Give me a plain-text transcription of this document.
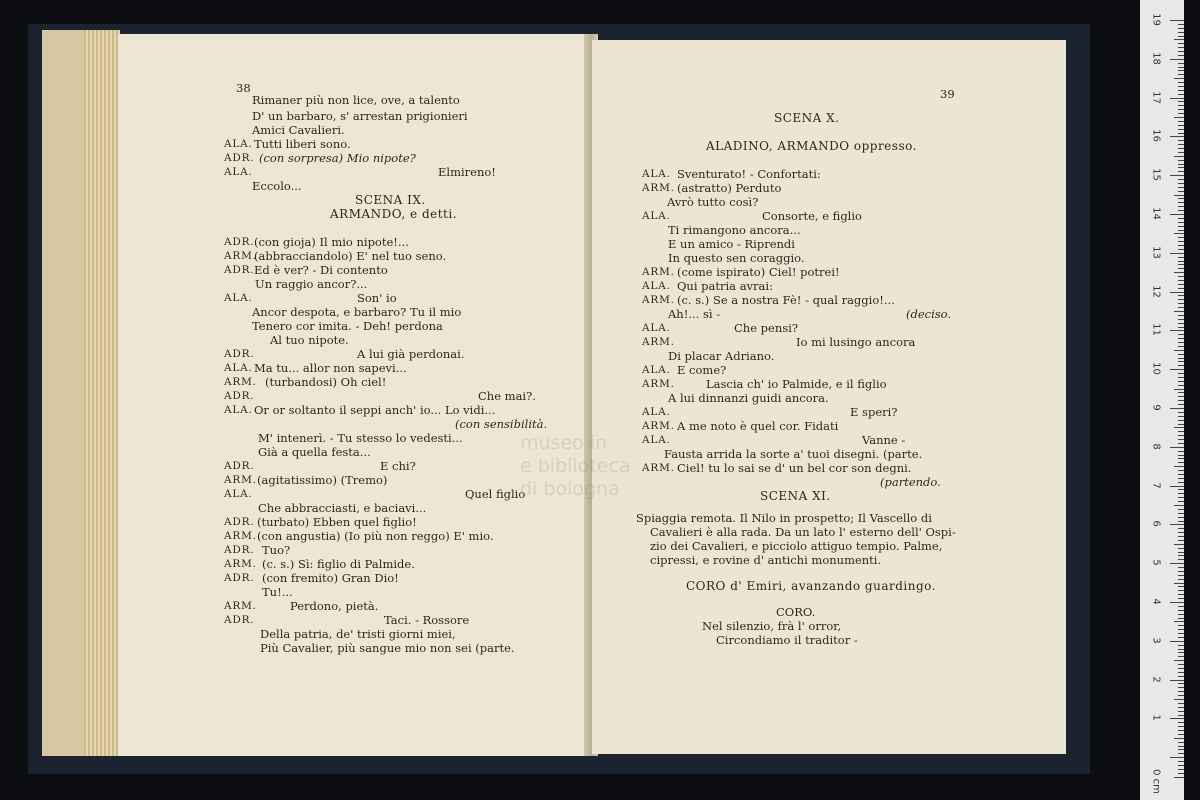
38
Rimaner più non lice, ove, a talento
D' un barbaro, s' arrestan prigionieri
Amici Cavalieri.
ALA. Tutti liberi sono.
ADR. (con sorpresa) Mio nipote?
ALA.	Elmireno!
Eccolo...
SCENA IX.
ARMANDO, e detti.
ADR. (con gioja) Il mio nipote!...
ARM.
(abbracciandolo) E' nel tuo seno.
ADR. Ed è ver? - Di contento
Un raggio ancor?...
ALA.	Son' io
Ancor despota, e barbaro? Tu il mio
Tenero cor imita. - Deh! perdona
Al tuo nipote.
ADR.	A lui già perdonai.
ALA. Ma tu... allor non sapevi...
ARM. (turbandosi) Oh ciel!
ADR.	Che mai?.
ALA. Or or soltanto il seppi anch' io... Lo vidi...
(con sensibilità.
M' intenerì. - Tu stesso lo vedesti...
Già a quella festa...
ADR.	E chi?
ARM. (agitatissimo) (Tremo)
ALA.	Quel figlio
Che abbracciasti, e baciavi...
ADR. (turbato) Ebben quel figlio!
ARM. (con angustia) (Io più non reggo) E' mio.
ADR. Tuo?
ARM. (c. s.) Sì: figlio di Palmide.
ADR. (con fremito) Gran Dio!
Tu!...
ARM.	Perdono, pietà.
ADR.	Taci. - Rossore
Della patria, de' tristi giorni miei,
Più Cavalier, più sangue mio non sei (parte.
39
SCENA X.
ALADINO, ARMANDO oppresso.
ALA. Sventurato! - Confortati:
ARM. (astratto) Perduto
Avrò tutto così?
ALA.	Consorte, e figlio
Ti rimangono ancora...
E un amico - Riprendi
In questo sen coraggio.
ARM. (come ispirato) Ciel! potrei!
ALA. Qui patria avrai:
ARM. (c. s.) Se a nostra Fè! - qual raggio!...
Ah!... sì -	(deciso.
ALA.	Che pensi?
ARM.	Io mi lusingo ancora
Di placar Adriano.
ALA. E come?
ARM.	Lascia ch' io Palmide, e il figlio
A lui dinnanzi guidi ancora.
ALA.	E speri?
ARM. A me noto è quel cor. Fidati
ALA.	Vanne -
Fausta arrida la sorte a' tuoi disegni. (parte.
ARM. Ciel! tu lo sai se d' un bel cor son degni.
(partendo.
SCENA XI.
Spiaggia remota. Il Nilo in prospetto; Il Vascello di
Cavalieri è alla rada. Da un lato l' esterno dell' Ospi-
zio dei Cavalieri, e picciolo attiguo tempio. Palme,
cipressi, e rovine d' antichi monumenti.
CORO d' Emiri, avanzando guardingo.
CORO.
Nel silenzio, frà l' orror,
Circondiamo il traditor -
museo in
e biblioteca
di bologna
19
18
17
16
15
14
13
12
11
10
9
8
7
6
5
4
3
2
1
0 cm
